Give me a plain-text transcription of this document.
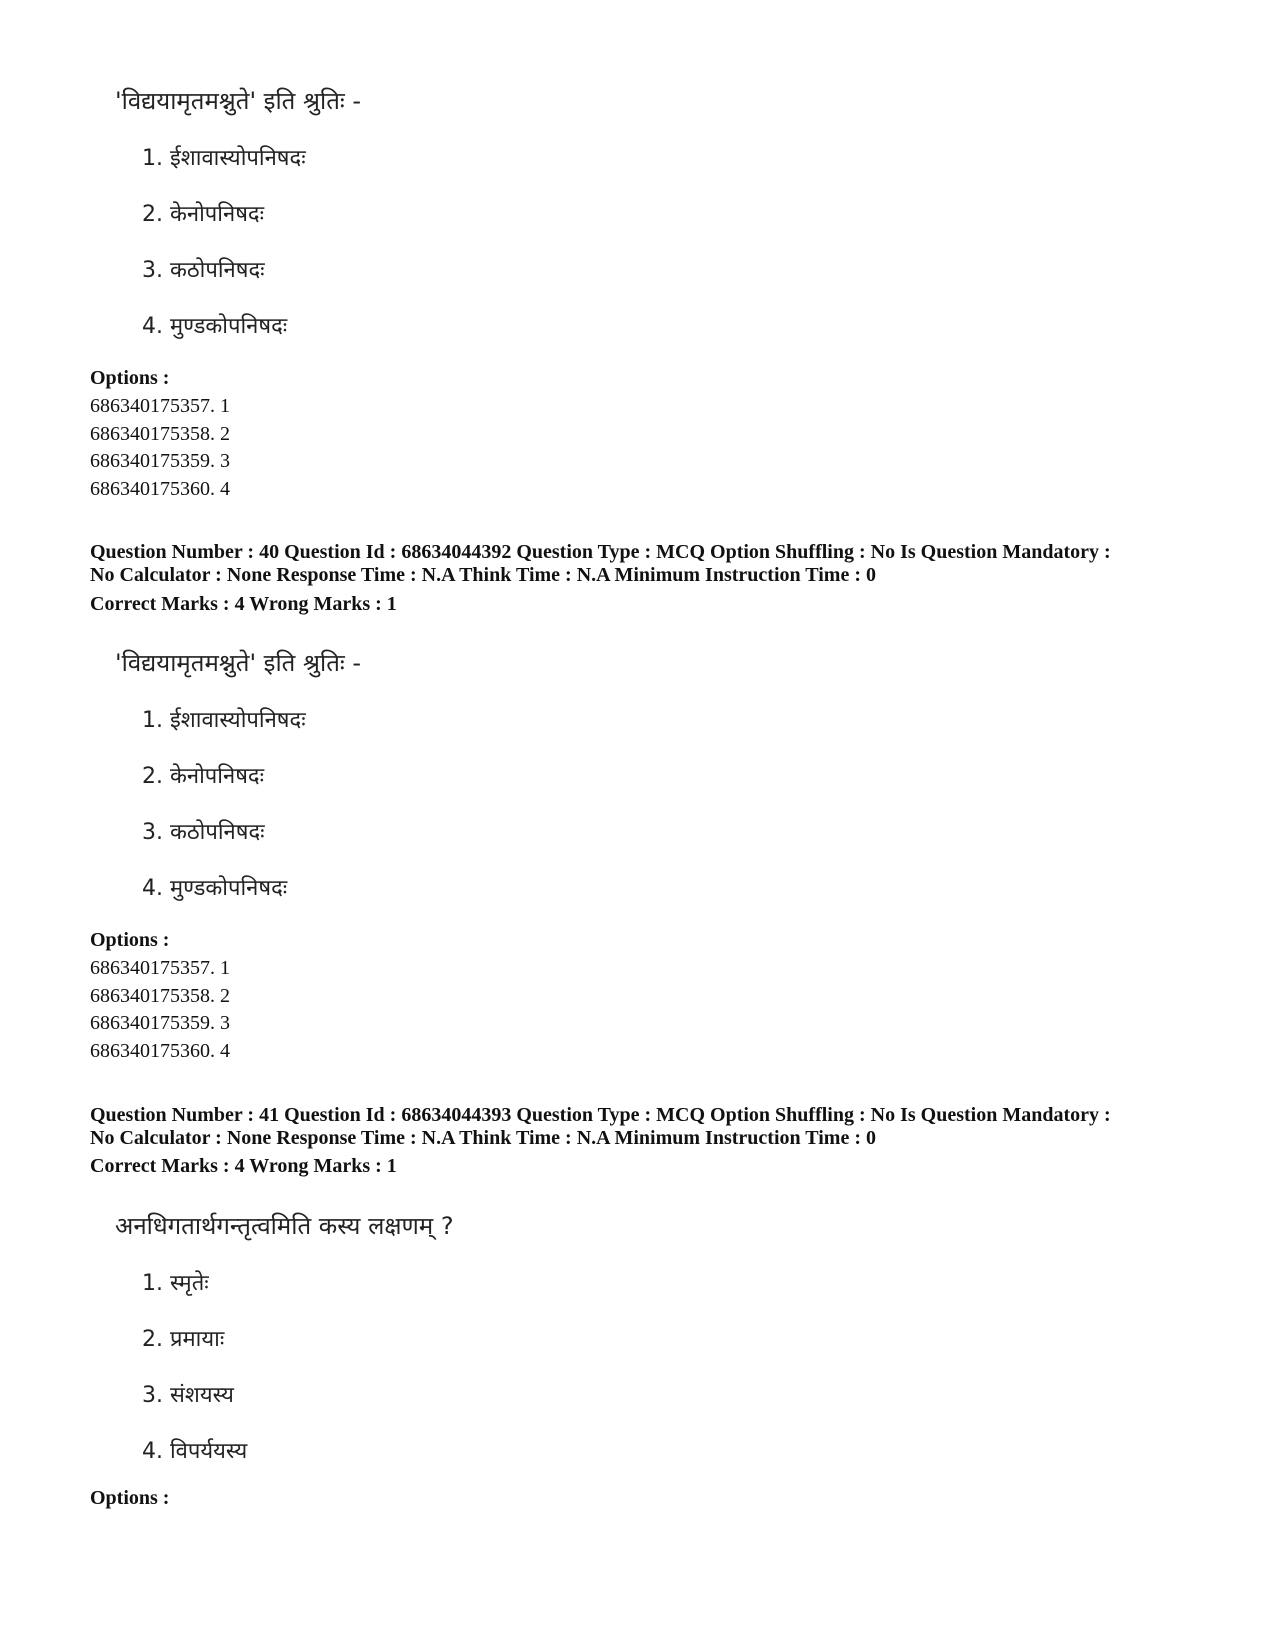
'विद्ययामृतमश्नुते' इति श्रुतिः -
1. ईशावास्योपनिषदः
2. केनोपनिषदः
3. कठोपनिषदः
4. मुण्डकोपनिषदः
Options :
686340175357. 1
686340175358. 2
686340175359. 3
686340175360. 4
Question Number : 40 Question Id : 68634044392 Question Type : MCQ Option Shuffling : No Is Question Mandatory :
No Calculator : None Response Time : N.A Think Time : N.A Minimum Instruction Time : 0
Correct Marks : 4 Wrong Marks : 1
'विद्ययामृतमश्नुते' इति श्रुतिः -
1. ईशावास्योपनिषदः
2. केनोपनिषदः
3. कठोपनिषदः
4. मुण्डकोपनिषदः
Options :
686340175357. 1
686340175358. 2
686340175359. 3
686340175360. 4
Question Number : 41 Question Id : 68634044393 Question Type : MCQ Option Shuffling : No Is Question Mandatory :
No Calculator : None Response Time : N.A Think Time : N.A Minimum Instruction Time : 0
Correct Marks : 4 Wrong Marks : 1
अनधिगतार्थगन्तृत्वमिति कस्य लक्षणम् ?
1. स्मृतेः
2. प्रमायाः
3. संशयस्य
4. विपर्ययस्य
Options :
